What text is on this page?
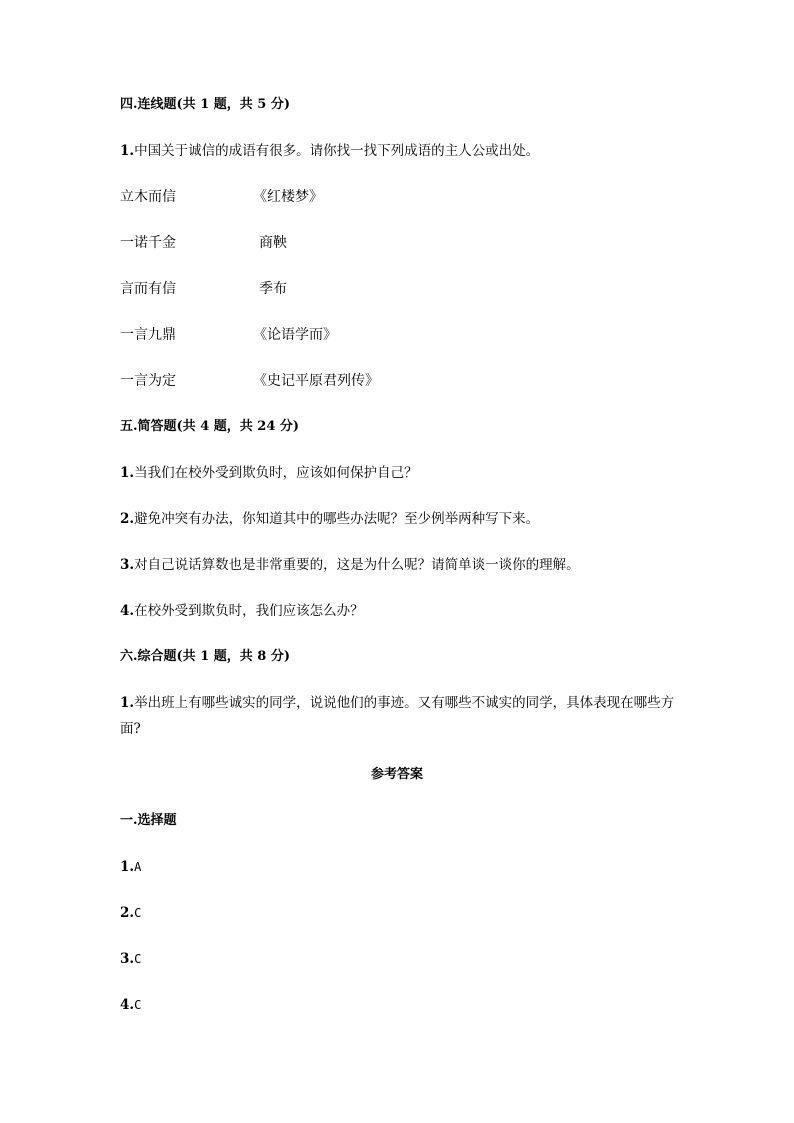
四.连线题(共 1 题，共 5 分)
1.中国关于诚信的成语有很多。请你找一找下列成语的主人公或出处。
立木而信	《红楼梦》
一诺千金	商鞅
言而有信	季布
一言九鼎	《论语学而》
一言为定	《史记平原君列传》
五.简答题(共 4 题，共 24 分)
1.当我们在校外受到欺负时，应该如何保护自己？
2.避免冲突有办法，你知道其中的哪些办法呢？至少例举两种写下来。
3.对自己说话算数也是非常重要的，这是为什么呢？请简单谈一谈你的理解。
4.在校外受到欺负时，我们应该怎么办？
六.综合题(共 1 题，共 8 分)
1.举出班上有哪些诚实的同学，说说他们的事迹。又有哪些不诚实的同学，具体表现在哪些方面?
参考答案
一.选择题
1.A
2.C
3.C
4.C
